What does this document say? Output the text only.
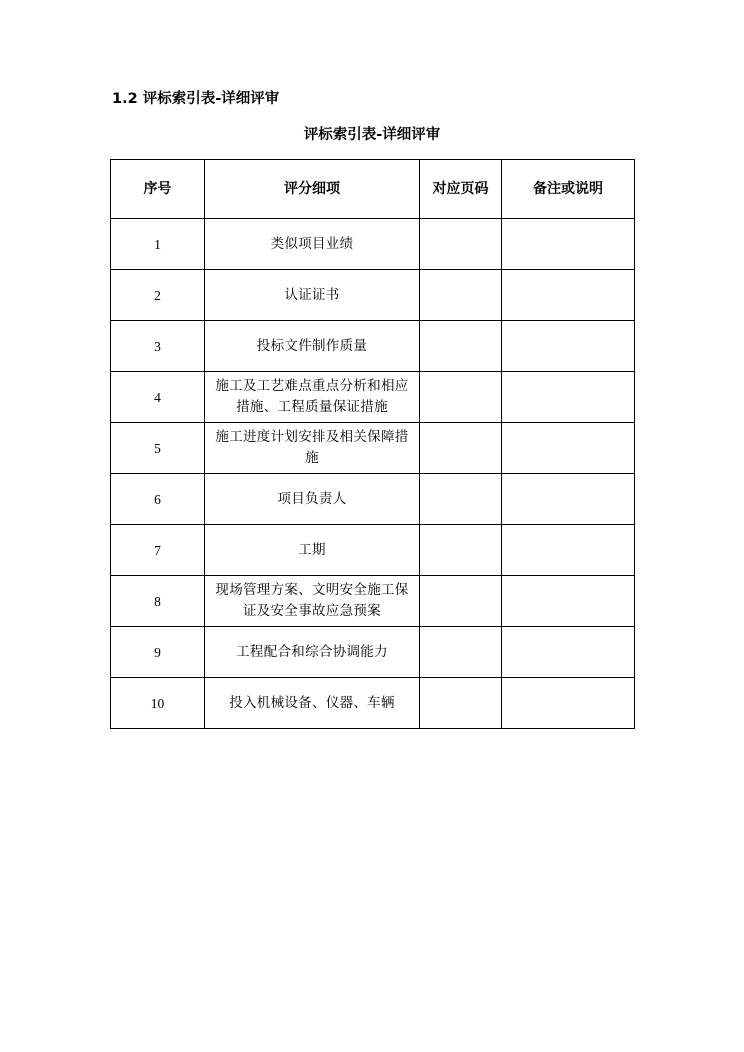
1.2 评标索引表-详细评审
评标索引表-详细评审
序号	评分细项	对应页码	备注或说明
1	类似项目业绩		
2	认证证书		
3	投标文件制作质量		
4	施工及工艺难点重点分析和相应措施、工程质量保证措施		
5	施工进度计划安排及相关保障措施		
6	项目负责人		
7	工期		
8	现场管理方案、文明安全施工保证及安全事故应急预案		
9	工程配合和综合协调能力		
10	投入机械设备、仪器、车辆		
